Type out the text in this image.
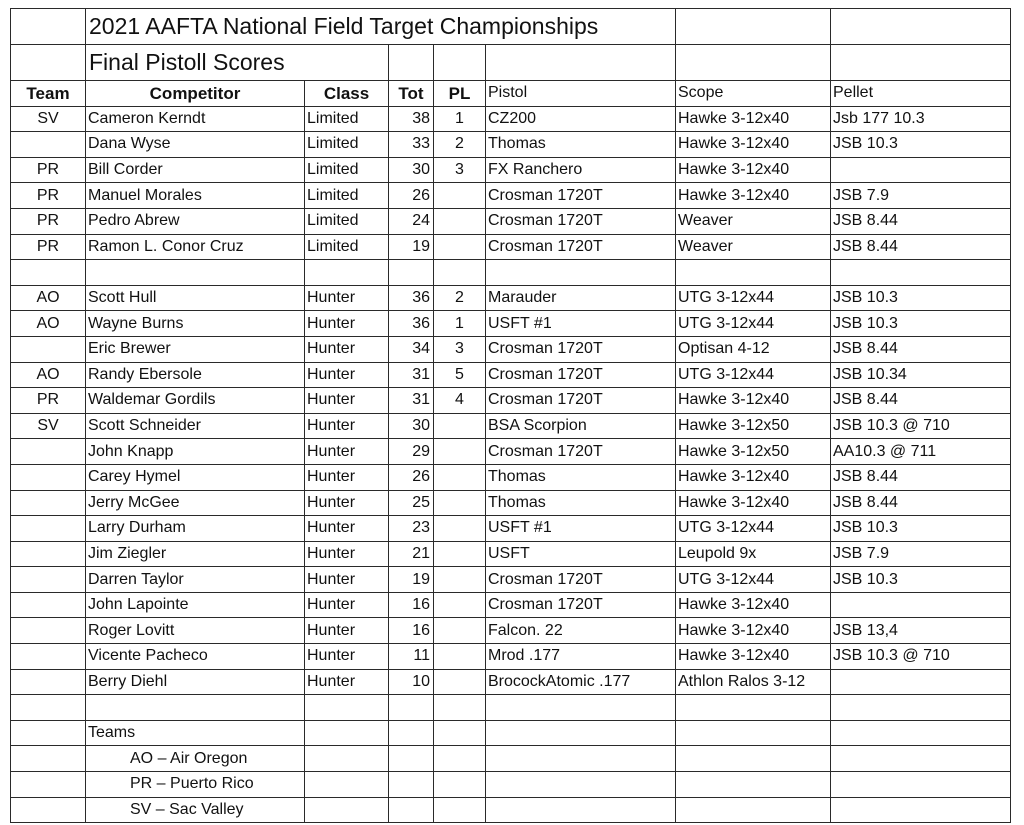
	2021 AAFTA National Field Target Championships						
	Final Pistoll Scores						
Team	Competitor	Class	Tot	PL	Pistol	Scope	Pellet
SV	Cameron Kerndt	Limited	38	1	CZ200	Hawke 3-12x40	Jsb 177 10.3
	Dana Wyse	Limited	33	2	Thomas	Hawke 3-12x40	JSB 10.3
PR	Bill Corder	Limited	30	3	FX Ranchero	Hawke 3-12x40	
PR	Manuel Morales	Limited	26		Crosman 1720T	Hawke 3-12x40	JSB 7.9
PR	Pedro Abrew	Limited	24		Crosman 1720T	Weaver	JSB 8.44
PR	Ramon L. Conor Cruz	Limited	19		Crosman 1720T	Weaver	JSB 8.44

AO	Scott Hull	Hunter	36	2	Marauder	UTG 3-12x44	JSB 10.3
AO	Wayne Burns	Hunter	36	1	USFT #1	UTG 3-12x44	JSB 10.3
	Eric Brewer	Hunter	34	3	Crosman 1720T	Optisan 4-12	JSB 8.44
AO	Randy Ebersole	Hunter	31	5	Crosman 1720T	UTG 3-12x44	JSB 10.34
PR	Waldemar Gordils	Hunter	31	4	Crosman 1720T	Hawke 3-12x40	JSB 8.44
SV	Scott Schneider	Hunter	30		BSA Scorpion	Hawke 3-12x50	JSB 10.3 @ 710
	John Knapp	Hunter	29		Crosman 1720T	Hawke 3-12x50	AA10.3 @ 711
	Carey Hymel	Hunter	26		Thomas	Hawke 3-12x40	JSB 8.44
	Jerry McGee	Hunter	25		Thomas	Hawke 3-12x40	JSB 8.44
	Larry Durham	Hunter	23		USFT #1	UTG 3-12x44	JSB 10.3
	Jim Ziegler	Hunter	21		USFT	Leupold 9x	JSB 7.9
	Darren Taylor	Hunter	19		Crosman 1720T	UTG 3-12x44	JSB 10.3
	John Lapointe	Hunter	16		Crosman 1720T	Hawke 3-12x40	
	Roger Lovitt	Hunter	16		Falcon. 22	Hawke 3-12x40	JSB 13,4
	Vicente Pacheco	Hunter	11		Mrod .177	Hawke 3-12x40	JSB 10.3 @ 710
	Berry Diehl	Hunter	10		BrocockAtomic .177	Athlon Ralos 3-12	

	Teams						
	AO – Air Oregon						
	PR – Puerto Rico						
	SV – Sac Valley						
